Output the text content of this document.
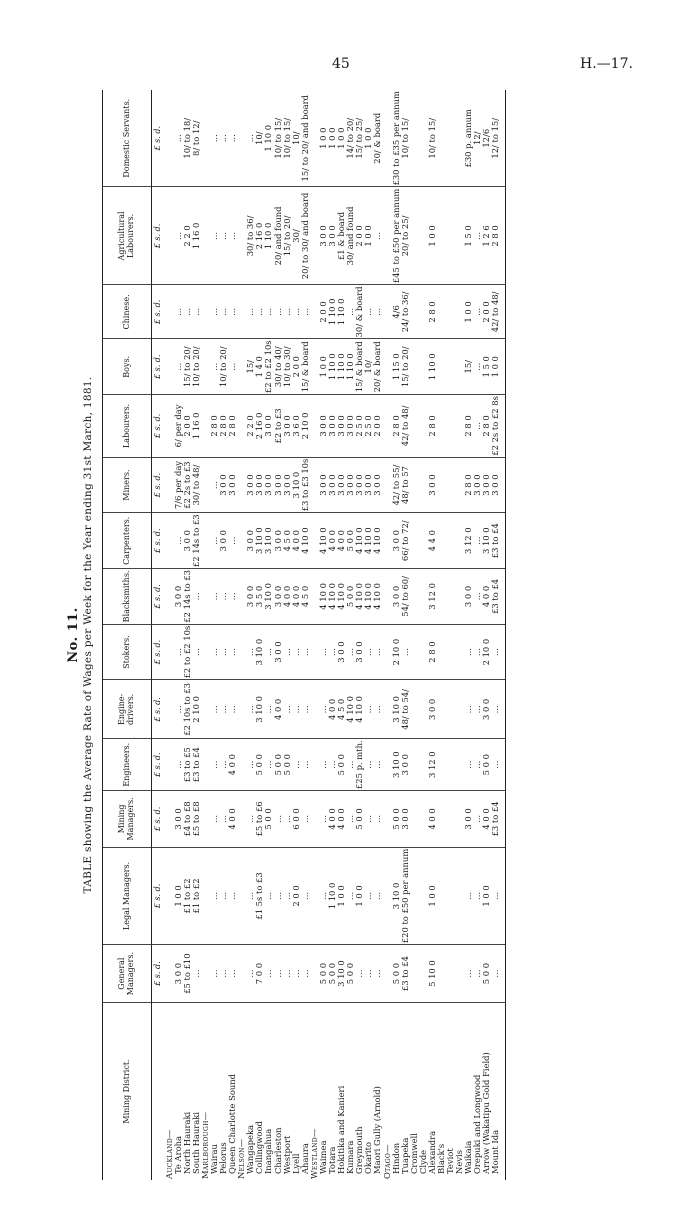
45	H.—17.
No. 11. TABLE showing the Average Rate of Wages per Week for the Year ending 31st March, 1881.
Mining District.	General Managers.	Legal Managers.	Mining Managers.	Engineers.	Engine-drivers.	Stokers.	Blacksmiths.	Carpenters.	Miners.	Labourers.	Boys.	Chinese.	Agricultural Labourers.	Domestic Servants.
	£ s. d.	£ s. d.	£ s. d.	£ s. d.	£ s. d.	£ s. d.	£ s. d.	£ s. d.	£ s. d.	£ s. d.	£ s. d.	£ s. d.	£ s. d.	£ s. d.
Auckland—														
Te Aroha	3 0 0	1 0 0	3 0 0	...	...	...	3 0 0	...	7/6 per day	6/ per day	...	...	...	...
North Hauraki	£5 to £10	£1 to £2	£4 to £8	£3 to £5	£2 10s to £3	£2 to £2 10s	£2 14s to £3	3 0 0	£2 2s to £3	2 0 0	15/ to 20/	...	2 2 0	10/ to 18/
South Hauraki	...	£1 to £2	£5 to £8	£3 to £4	2 10 0	...	...	£2 14s to £3	30/ to 48/	1 16 0	10/ to 20/	...	1 16 0	8/ to 12/
Marlborough—														
Wairau	...	...	...	...	...	...	...	...	...	2 8 0	...	...	...	...
Pelorus	...	...	...	...	...	...	...	3 0 0	3 0 0	2 8 0	10/ to 20/	...	...	...
Queen Charlotte Sound	...	...	4 0 0	4 0 0	...	...	...	...	3 0 0	2 8 0	...	...	...	...
Nelson—														
Wangapeka	...	...	...	...	...	...	3 0 0	3 0 0	3 0 0	2 2 0	15/	...	30/ to 36/	...
Collingwood	7 0 0	£1 5s to £3	£5 to £6	5 0 0	3 10 0	3 10 0	3 5 0	3 10 0	3 0 0	2 16 0	1 4 0	...	2 16 0	10/
Inangahua	...	...	5 0 0	...	...	...	3 10 0	3 10 0	3 0 0	3 0 0	£2 to £2 10s	...	1 10 0	1 10 0
Charleston	...	...	...	5 0 0	4 0 0	3 0 0	3 0 0	3 0 0	3 0 0	£2 to £3	30/ to 40/	...	20/ and found	10/ to 15/
Westport	...	...	...	5 0 0	...	...	4 0 0	4 5 0	3 0 0	3 0 0	10/ to 30/	...	15/ to 20/	10/ to 15/
Lyell	...	2 0 0	6 0 0	...	...	...	4 0 0	4 0 0	3 10 0	3 6 0	2 0 0	...	30/	10/
Ahaura	...	...	...	...	...	...	4 5 0	4 10 0	£3 to £3 10s	2 10 0	15/ & board	...	20/ to 30/ and board	15/ to 20/ and board
Westland—														
Waimea	5 0 0	...	...	...	...	...	4 10 0	4 10 0	3 0 0	3 0 0	1 0 0	2 0 0	3 0 0	1 0 0
Totara	5 0 0	1 10 0	4 0 0	...	4 0 0	...	4 10 0	4 0 0	3 0 0	3 0 0	1 10 0	1 10 0	3 0 0	1 0 0
Hokitika and Kanieri	3 10 0	1 0 0	4 0 0	5 0 0	4 5 0	3 0 0	4 10 0	4 0 0	3 0 0	3 0 0	1 10 0	1 10 0	£1 & board	1 0 0
Kumara	5 0 0	...	...	...	4 10 0	...	5 0 0	5 0 0	3 0 0	3 0 0	1 10 0	...	30/ and found	14/ to 20/
Greymouth	...	1 0 0	5 0 0	£25 p. mth.	4 10 0	3 0 0	4 10 0	4 10 0	3 0 0	2 5 0	15/ & board	30/ & board	2 0 0	15/ to 25/
Okarito	...	...	...	...	...	...	4 10 0	4 10 0	3 0 0	2 5 0	10/	...	1 0 0	1 0 0
Maori Gully (Arnold)	...	...	...	...	...	...	4 10 0	4 10 0	3 0 0	2 0 0	20/ & board	...	...	20/ & board
Otago—														
Hindon	5 0 0	3 10 0	5 0 0	3 10 0	3 10 0	2 10 0	3 0 0	3 0 0	42/ to 55/	2 8 0	1 15 0	4/6	£45 to £50 per annum	£30 to £35 per annum
Tuapeka	£3 to £4	£20 to £50 per annum	3 0 0	3 0 0	48/ to 54/	...	54/ to 60/	66/ to 72/	48/ to 57	42/ to 48/	15/ to 20/	24/ to 36/	20/ to 25/	10/ to 15/
Cromwell														
Clyde														
Alexandra	5 10 0	1 0 0	4 0 0	3 12 0	3 0 0	2 8 0	3 12 0	4 4 0	3 0 0	2 8 0	1 10 0	2 8 0	1 0 0	10/ to 15/
Black's														
Teviot														
Nevis														
Waikaia	...	...	3 0 0	...	...	...	3 0 0	3 12 0	2 8 0	2 8 0	15/	1 0 0	1 5 0	£30 p. annum
Orepuki and Longwood	...	...	...	...	...	...	...	...	3 0 0	...	...	...	...	12/
Arrow (Wakatipu Gold Field)	5 0 0	1 0 0	4 0 0	5 0 0	3 0 0	2 10 0	4 0 0	3 10 0	3 0 0	2 8 0	1 5 0	2 0 0	1 2 6	12/6
Mount Ida	...	...	£3 to £4	...	...	...	£3 to £4	£3 to £4	3 0 0	£2 2s to £2 8s	1 0 0	42/ to 48/	2 8 0	12/ to 15/
